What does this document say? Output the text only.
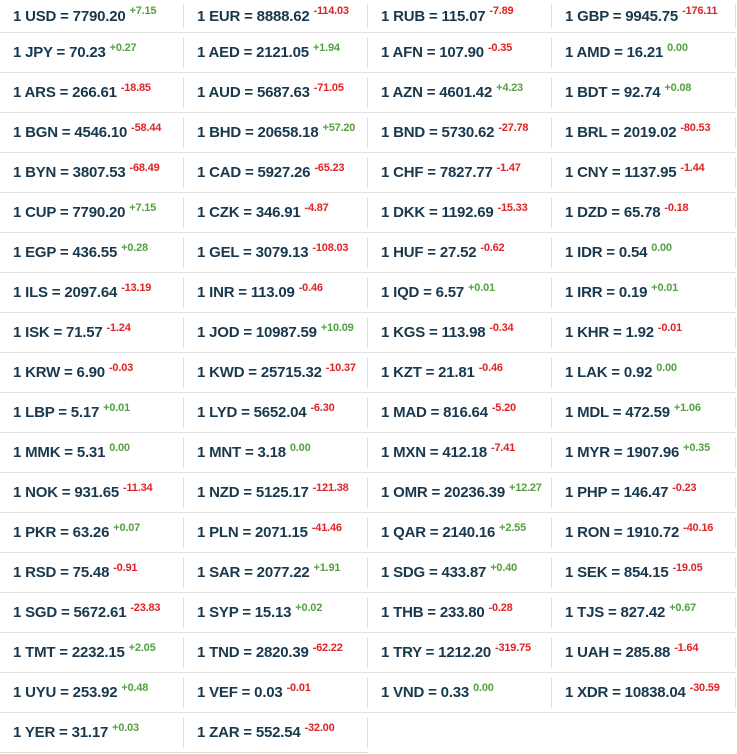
1 USD = 7790.20 +7.15	1 EUR = 8888.62 -114.03 1 RUB = 115.07 -7.89	1 GBP = 9945.75 -176.11
1 JPY = 70.23 +0.27	1 AED = 2121.05 +1.94	1 AFN = 107.90 -0.35	1 AMD = 16.21 0.00
1 ARS = 266.61 -18.85	1 AUD = 5687.63 -71.05 1 AZN = 4601.42 +4.23	1 BDT = 92.74 +0.08
1 BGN = 4546.10 -58.44 1 BHD = 20658.18 +57.20 1 BND = 5730.62 -27.78 1 BRL = 2019.02 -80.53
1 BYN = 3807.53 -68.49	1 CAD = 5927.26 -65.23 1 CHF = 7827.77 -1.47	1 CNY = 1137.95 -1.44
1 CUP = 7790.20 +7.15	1 CZK = 346.91 -4.87	1 DKK = 1192.69 -15.33	1 DZD = 65.78 -0.18
1 EGP = 436.55 +0.28	1 GEL = 3079.13 -108.03 1 HUF = 27.52 -0.62	1 IDR = 0.54 0.00
1 ILS = 2097.64 -13.19	1 INR = 113.09 -0.46	1 IQD = 6.57 +0.01	1 IRR = 0.19 +0.01
1 ISK = 71.57 -1.24	1 JOD = 10987.59 +10.09 1 KGS = 113.98 -0.34	1 KHR = 1.92 -0.01
1 KRW = 6.90 -0.03	1 KWD = 25715.32 -10.37 1 KZT = 21.81 -0.46	1 LAK = 0.92 0.00
1 LBP = 5.17 +0.01	1 LYD = 5652.04 -6.30	1 MAD = 816.64 -5.20	1 MDL = 472.59 +1.06
1 MMK = 5.31 0.00	1 MNT = 3.18 0.00	1 MXN = 412.18 -7.41	1 MYR = 1907.96 +0.35
1 NOK = 931.65 -11.34	1 NZD = 5125.17 -121.38 1 OMR = 20236.39 +12.27 1 PHP = 146.47 -0.23
1 PKR = 63.26 +0.07	1 PLN = 2071.15 -41.46	1 QAR = 2140.16 +2.55	1 RON = 1910.72 -40.16
1 RSD = 75.48 -0.91	1 SAR = 2077.22 +1.91	1 SDG = 433.87 +0.40	1 SEK = 854.15 -19.05
1 SGD = 5672.61 -23.83 1 SYP = 15.13 +0.02	1 THB = 233.80 -0.28	1 TJS = 827.42 +0.67
1 TMT = 2232.15 +2.05	1 TND = 2820.39 -62.22	1 TRY = 1212.20 -319.75 1 UAH = 285.88 -1.64
1 UYU = 253.92 +0.48	1 VEF = 0.03 -0.01	1 VND = 0.33 0.00	1 XDR = 10838.04 -30.59
1 YER = 31.17 +0.03	1 ZAR = 552.54 -32.00
